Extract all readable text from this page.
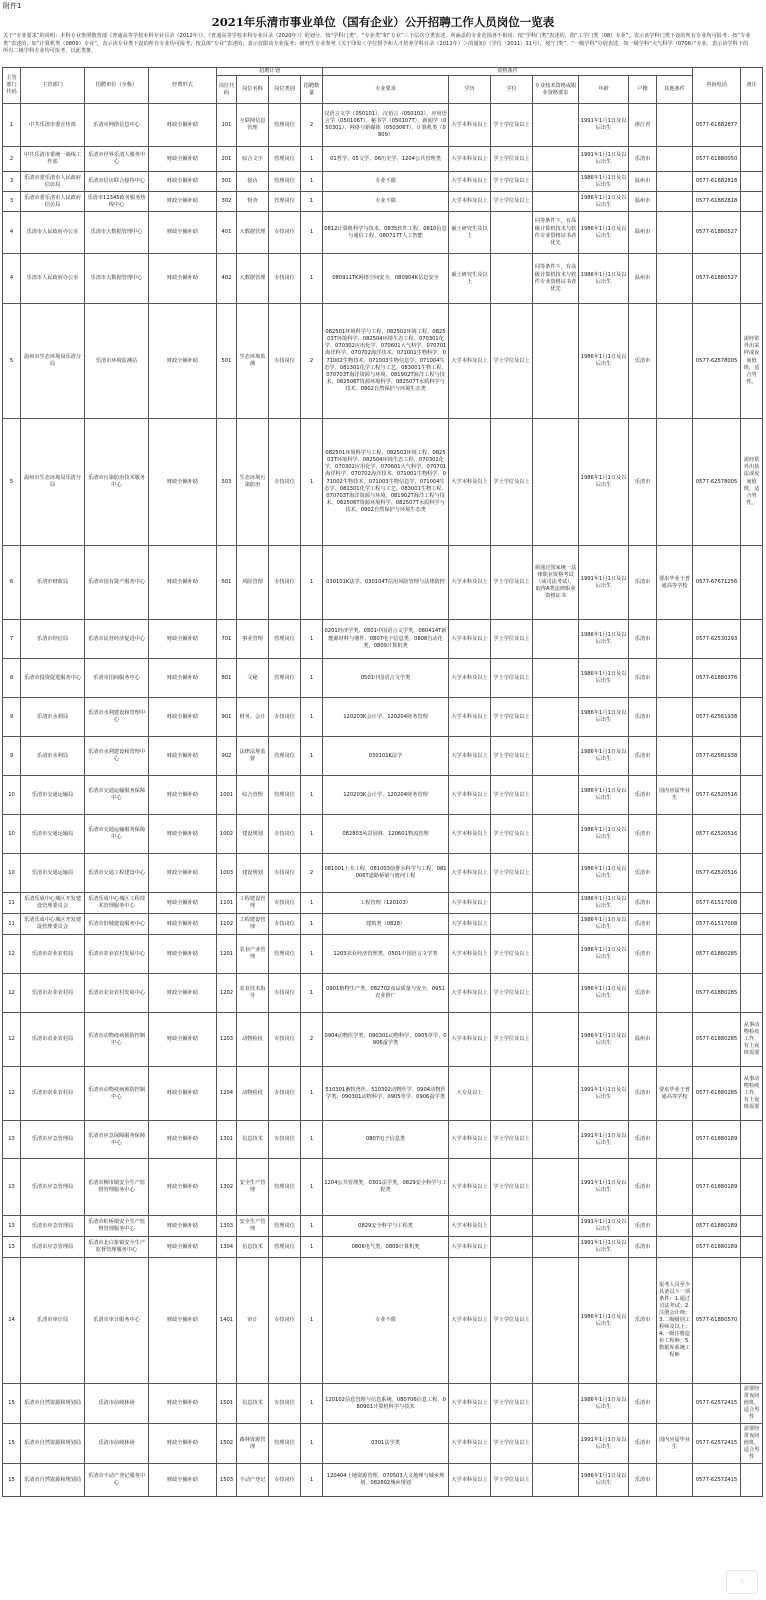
附件1
2021年乐清市事业单位（国有企业）公开招聘工作人员岗位一览表
关于“专业要求”的说明：本科专业参照教育部《普通高等学校本科专业目录（2012年）》、《普通高等学校本科专业目录（2020年）》的划分，按“学科门类”、“专业类”和“专业”三个层次分类表述，所涵盖的专业范围各不相同；按“学科门类”表述的，指“工学门类（08）专业”，表示该学科门类下设的所有专业均可报考；按“专业类”表述的，如“计算机类（0809）专业”，表示该专业类下设的所有专业均可报考；按具体“专业”表述的，表示仅限该专业报考；研究生专业参考《关于印发＜学位授予和人才培养学科目录（2011年）＞的通知》（学位〔2011〕11号），按“门类”、“一级学科”分别表述，如一级学科“大气科学（0706）”专业，表示该学科下的所有二级学科专业均可报考，以此类推。
主管部门代码	主管部门	招聘单位（全称）	经费形式	招聘计划				资格条件							咨询电话	备注
				岗位代码	岗位名称	岗位类别	招聘数量	专业要求	学历	学位	专业技术资格或职业资格要求	年龄	户籍	其他条件		
1	中共乐清市委宣传部	乐清市网络信息中心	财政全额补助	101	互联网信息管理	管理岗位	2	汉语言文学（050101）、汉语言（050102）、应用语言学（050106T）、秘书学（050107T）、新闻学（050301）、网络与新媒体（050306T）、计算机类（0809）	大学本科及以上	学士学位及以上		1991年1月1日及以后出生	浙江省		0577-61882877	
2	中共乐清市委统一战线工作部	乐清市世界乐清人服务中心	财政全额补助	201	综合文字	管理岗位	1	01哲学、05文学、06历史学、1204公共管理类	大学本科及以上	学士学位及以上		1991年1月1日及以后出生	乐清市		0577-61880050	
3	乐清市委乐清市人民政府信访局	乐清市信访联合接待中心	财政全额补助	301	接访	管理岗位	1	专业不限	大学本科及以上	学士学位及以上		1986年1月1日及以后出生	温州市		0577-61882818	
3	乐清市委乐清市人民政府信访局	乐清市12345政务服务热线中心	财政全额补助	302	督查	管理岗位	1	专业不限	大学本科及以上	学士学位及以上		1986年1月1日及以后出生	温州市		0577-61882818	
4	乐清市人民政府办公室	乐清市大数据管理中心	财政全额补助	401	大数据管理	专技岗位	1	0812计算机科学与技术、0835软件工程、0810信息与通信工程、080717T人工智能	硕士研究生及以上		同等条件下，有高级计算机技术与软件专业资格证书者优先	1986年1月1日及以后出生	温州市		0577-61880527	
4	乐清市人民政府办公室	乐清市大数据管理中心	财政全额补助	402	大数据管理	专技岗位	1	080911TK网络空间安全、080904K信息安全	硕士研究生及以上		同等条件下，有高级计算机技术与软件专业资格证书者优先	1986年1月1日及以后出生	温州市		0577-61880527	
5	温州市生态环境局乐清分局	乐清市环境监测站	财政全额补助	501	生态环境监测	专技岗位	2	082501环境科学与工程、082502环境工程、082503T环境科学、082504环境生态工程、070301化学、070302应用化学、070601大气科学、070701海洋科学、070702海洋技术、071001生物科学、071002生物技术、071003生物信息学、071004生态学、081301化学工程与工艺、083001生物工程、070703T海洋资源与环境、081902T海洋工程与技术、082506T资源环境科学、082507T水质科学与技术、0902自然保护与环境生态类	大学本科及以上	学士学位及以上		1986年1月1日及以后出生	乐清市		0577-62578005	需经常外出采样或夜间值班，适合男性。
5	温州市生态环境局乐清分局	乐清市污染防治技术服务中心	财政全额补助	503	生态环境污染防治	专技岗位	1	082501环境科学与工程、082502环境工程、082503T环境科学、082504环境生态工程、070301化学、070302应用化学、070601大气科学、070701海洋科学、070702海洋技术、071001生物科学、071002生物技术、071003生物信息学、071004生态学、081301化学工程与工艺、083001生物工程、070703T海洋资源与环境、081902T海洋工程与技术、082506T资源环境科学、082507T水质科学与技术、0902自然保护与环境生态类	大学本科及以上	学士学位及以上		1986年1月1日及以后出生	乐清市		0577-62578005	需经常外出执法或夜间值班，适合男性。
6	乐清市财政局	乐清市国有资产服务中心	财政全额补助	601	风险管理	专技岗位	1	030101K法学、030104T信用风险管理与法律防控	大学本科及以上	学士学位及以上	须通过国家统一法律职业资格考试（或司法考试），取得A类法律职业资格证书	1991年1月1日及以后出生	乐清市	要求毕业于普通高等学校	0577-67671256	
7	乐清市经信局	乐清市民营经济促进中心	财政全额补助	701	事业管理	管理岗位	1	0201经济学类、0501中国语言文学类、080414T新能源材料与器件、0807电子信息类、0808自动化类、0809计算机类	大学本科及以上	学士学位及以上		1986年1月1日及以后出生	乐清市		0577-62530293	
8	乐清市投资促进服务中心	乐清市招商服务中心	财政全额补助	801	文秘	管理岗位	1	0501中国语言文学类	大学本科及以上	学士学位及以上		1986年1月1日及以后出生	乐清市		0577-61880376	
9	乐清市水利局	乐清市水利建设和管理中心	财政全额补助	901	财务、会计	专技岗位	1	120203K会计学、120204财务管理	大学本科及以上	学士学位及以上		1986年1月1日及以后出生	乐清市		0577-62561938	
9	乐清市水利局	乐清市水利建设和管理中心	财政全额补助	902	法律法规监督	管理岗位	1	030101K法学	大学本科及以上	学士学位及以上		1986年1月1日及以后出生	乐清市		0577-62561938	
10	乐清市交通运输局	乐清市交通运输服务保障中心	财政全额补助	1001	综合管理	管理岗位	1	120203K会计学、120204财务管理	大学本科及以上	学士学位及以上		1986年1月1日及以后出生	乐清市	国内应届毕业生	0577-62520516	
10	乐清市交通运输局	乐清市交通运输服务保障中心	财政全额补助	1002	建设规划	专技岗位	1	082803风景园林、120601物流管理	大学本科及以上	学士学位及以上		1986年1月1日及以后出生	乐清市		0577-62520516	
10	乐清市交通运输局	乐清市交通工程建设中心	财政全额补助	1003	建设规划	专技岗位	2	081001土木工程、081003给排水科学与工程、081006T道路桥梁与渡河工程	大学本科及以上	学士学位及以上		1986年1月1日及以后出生	乐清市		0577-62520516	
11	乐清乐成中心城区开发建设管理委员会	乐清乐成中心城区工程技术管理服务中心	财政全额补助	1101	工程建设管理	专技岗位	1	工程管理（120103）	大学本科及以上			1986年1月1日及以后出生	乐清市		0577-61517008	
11	乐清乐成中心城区开发建设管理委员会	乐清市旧城建设服务中心	财政全额补助	1102	工程建设管理	专技岗位	1	建筑类（0828）	大学本科及以上			1986年1月1日及以后出生	乐清市		0577-61517008	
12	乐清市农业农村局	乐清市农业农村发展中心	财政全额补助	1201	农业产业管理	管理岗位	1	1203农业经济管理类、0501中国语言文学类	大学本科及以上	学士学位及以上		1986年1月1日及以后出生	乐清市		0577-61880285	
12	乐清市农业农村局	乐清市农业农村发展中心	财政全额补助	1202	农业技术指导	专技岗位	1	0901植物生产类、082702食品质量与安全、0951农业推广	大学本科及以上	学士学位及以上		1986年1月1日及以后出生	乐清市		0577-61880285	
12	乐清市农业农村局	乐清市动物疫病预防控制中心	财政全额补助	1203	动物检疫	专技岗位	2	0904动物医学类、090301动物科学、0905草学、0906蚕学类	大学本科及以上	学士学位及以上		1986年1月1日及以后出生	温州市		0577-61880285	从事动物检疫工作，有上夜班需要
12	乐清市农业农村局	乐清市动物疫病预防控制中心	财政全额补助	1204	动物检疫	专技岗位	1	510301畜牧兽医、510302动物医学、0904动物医学类、090301动物科学、0905草学、0906蚕学类	大专及以上			1991年1月1日及以后出生	乐清市	要求毕业于普通高等学校	0577-61880285	从事动物检疫工作，有上夜班需要
13	乐清市应急管理局	乐清市应急保障服务保障中心	财政全额补助	1301	信息技术	专技岗位	1	0807电子信息类	大学本科及以上	学士学位及以上		1991年1月1日及以后出生	乐清市		0577-61880189	
13	乐清市应急管理局	乐清市柳市镇安全生产监督管理服务中心	财政全额补助	1302	安全生产管理	管理岗位	1	1204公共管理类、0301法学类、0829安全科学与工程类	大学本科及以上	学士学位及以上		1991年1月1日及以后出生	乐清市		0577-61880189	
13	乐清市应急管理局	乐清市虹桥镇安全生产监督管理服务中心	财政全额补助	1303	安全生产管理	管理岗位	1	0829安全科学与工程类	大学本科及以上			1991年1月1日及以后出生	乐清市		0577-61880189	
13	乐清市应急管理局	乐清市北白象镇安全生产监督管理服务中心	财政全额补助	1304	信息技术	管理岗位	1	0806电气类、0809计算机类	大学本科及以上			1991年1月1日及以后出生	乐清市		0577-61880189	
14	乐清市审计局	乐清市审计服务中心	财政全额补助	1401	审计	专技岗位	1	专业不限	大学本科及以上	学士学位及以上		1986年1月1日及以后出生	乐清市	报考人员至少具备以下一项条件：1.通过司法考试；2.注册会计师；3.二级级别工程师及以上；4.一级注册造价工程师；5.数据库系统工程师	0577-61880570	
15	乐清市自然资源和规划局	乐清市前岐林场	财政全额补助	1501	信息技术	专技岗位	1	120102信息管理与信息系统、080706信息工程、080901计算机科学与技术	大学本科及以上	学士学位及以上		1986年1月1日及以后出生	乐清市		0577-62572415	需要经常夜间值班，适合男性
15	乐清市自然资源和规划局	乐清市前岐林场	财政全额补助	1502	森林资源管理	管理岗位	1	0301法学类	大学本科及以上	学士学位及以上		1991年1月1日及以后出生	乐清市	国内应届毕业生	0577-62572415	需要经常夜间值班，适合男性
15	乐清市自然资源和规划局	乐清市不动产登记服务中心	财政全额补助	1503	不动产登记	专技岗位	1	120404土地资源管理、070503人文地理与城乡规划、082802城乡规划	大学本科及以上	学士学位及以上		1986年1月1日及以后出生	乐清市		0577-62572415	
◎
